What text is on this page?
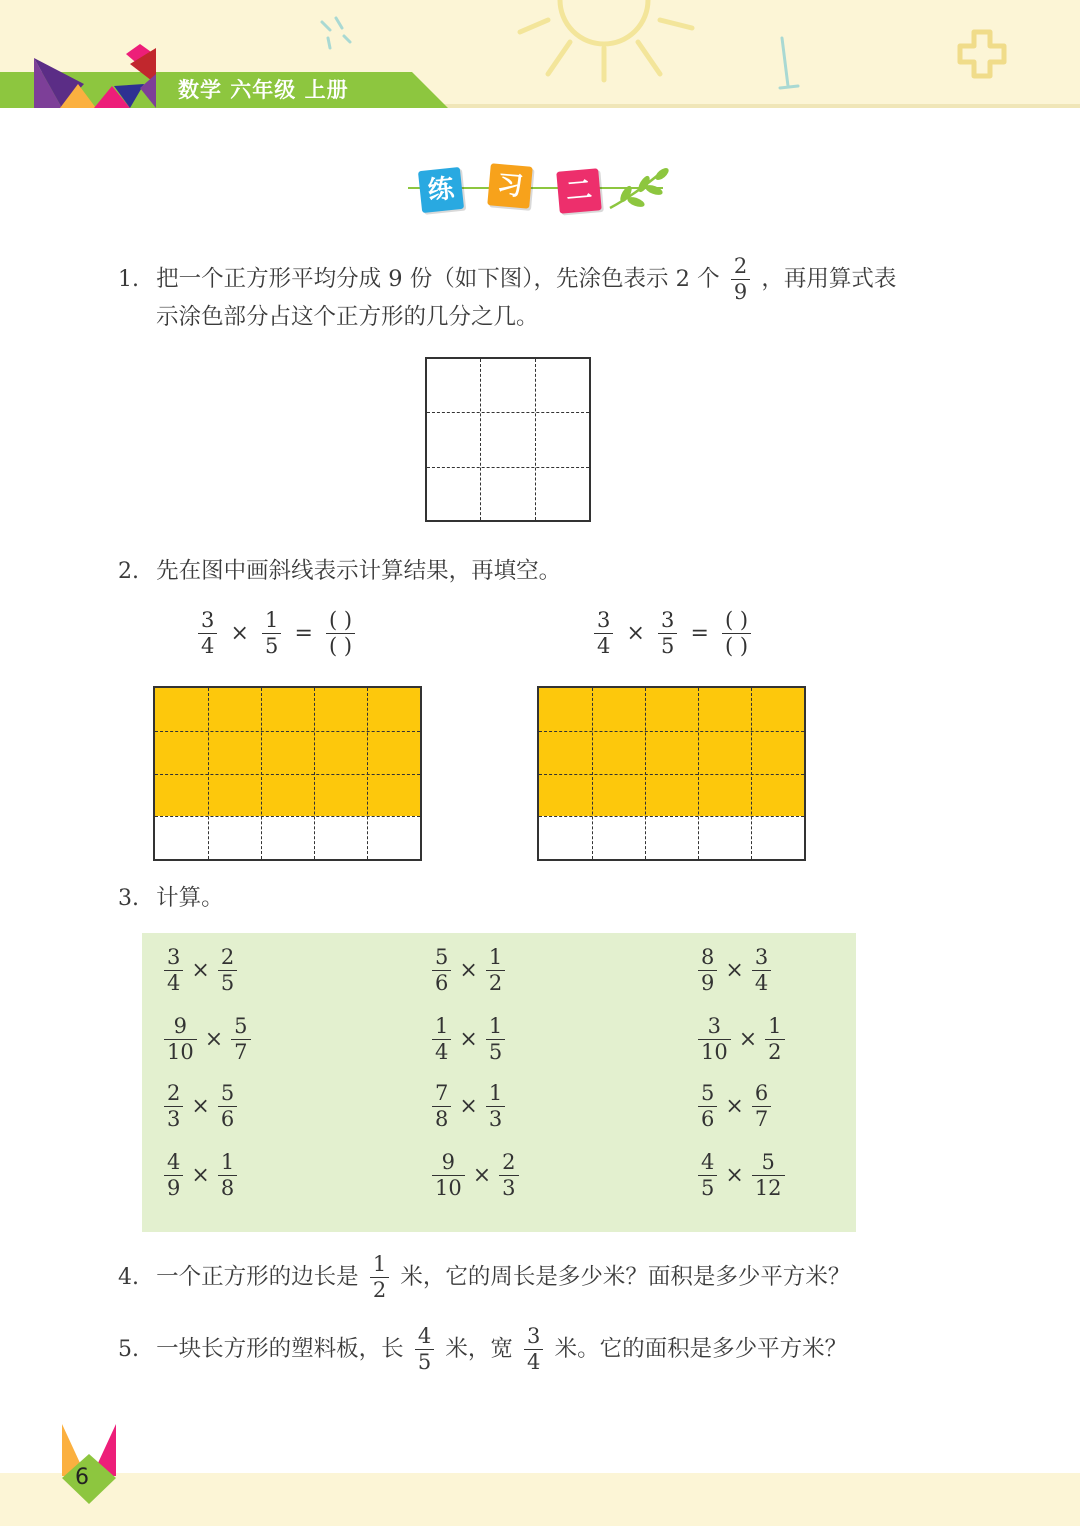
数学 六年级 上册
练	习	二
1. 把一个正方形平均分成 9 份（如下图），先涂色表示 2 个 $\frac{2}{9}$ ，再用算式表
示涂色部分占这个正方形的几分之几。
2. 先在图中画斜线表示计算结果，再填空。
$\frac{3}{4} \times \frac{1}{5} = \frac{( )}{( )}$	$\frac{3}{4} \times \frac{3}{5} = \frac{( )}{( )}$
3. 计算。
$\frac{3}{4} \times \frac{2}{5}$	$\frac{5}{6} \times \frac{1}{2}$	$\frac{8}{9} \times \frac{3}{4}$
$\frac{9}{10} \times \frac{5}{7}$	$\frac{1}{4} \times \frac{1}{5}$	$\frac{3}{10} \times \frac{1}{2}$
$\frac{2}{3} \times \frac{5}{6}$	$\frac{7}{8} \times \frac{1}{3}$	$\frac{5}{6} \times \frac{6}{7}$
$\frac{4}{9} \times \frac{1}{8}$	$\frac{9}{10} \times \frac{2}{3}$	$\frac{4}{5} \times \frac{5}{12}$
4. 一个正方形的边长是 $\frac{1}{2}$ 米，它的周长是多少米？面积是多少平方米？
5. 一块长方形的塑料板，长 $\frac{4}{5}$ 米，宽 $\frac{3}{4}$ 米。它的面积是多少平方米？
6
